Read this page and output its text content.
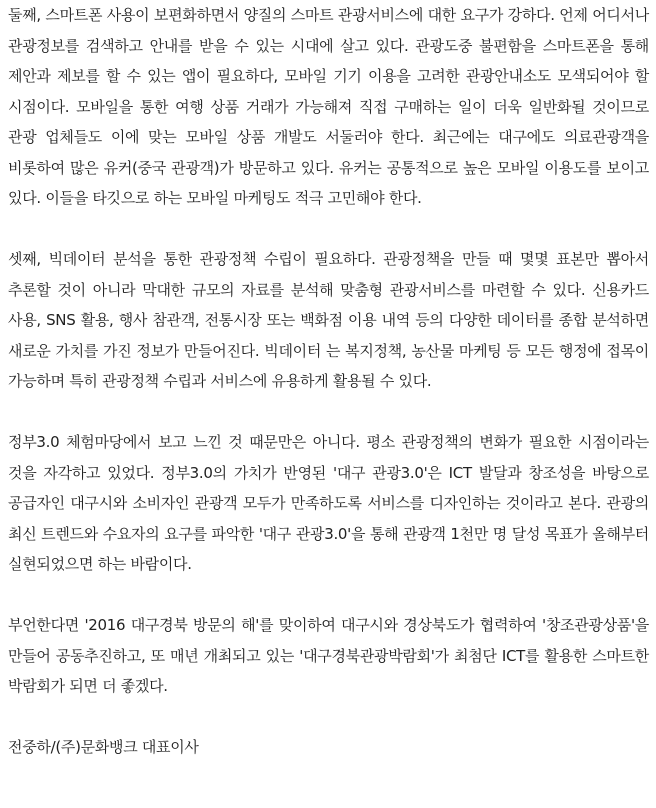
둘째, 스마트폰 사용이 보편화하면서 양질의 스마트 관광서비스에 대한 요구가 강하다. 언제 어디서나 관광정보를 검색하고 안내를 받을 수 있는 시대에 살고 있다. 관광도중 불편함을 스마트폰을 통해 제안과 제보를 할 수 있는 앱이 필요하다, 모바일 기기 이용을 고려한 관광안내소도 모색되어야 할 시점이다. 모바일을 통한 여행 상품 거래가 가능해져 직접 구매하는 일이 더욱 일반화될 것이므로 관광 업체들도 이에 맞는 모바일 상품 개발도 서둘러야 한다. 최근에는 대구에도 의료관광객을 비롯하여 많은 유커(중국 관광객)가 방문하고 있다. 유커는 공통적으로 높은 모바일 이용도를 보이고 있다. 이들을 타깃으로 하는 모바일 마케팅도 적극 고민해야 한다.

셋째, 빅데이터 분석을 통한 관광정책 수립이 필요하다. 관광정책을 만들 때 몇몇 표본만 뽑아서 추론할 것이 아니라 막대한 규모의 자료를 분석해 맞춤형 관광서비스를 마련할 수 있다. 신용카드 사용, SNS 활용, 행사 참관객, 전통시장 또는 백화점 이용 내역 등의 다양한 데이터를 종합 분석하면 새로운 가치를 가진 정보가 만들어진다. 빅데이터 는 복지정책, 농산물 마케팅 등 모든 행정에 접목이 가능하며 특히 관광정책 수립과 서비스에 유용하게 활용될 수 있다.

정부3.0 체험마당에서 보고 느낀 것 때문만은 아니다. 평소 관광정책의 변화가 필요한 시점이라는 것을 자각하고 있었다. 정부3.0의 가치가 반영된 '대구 관광3.0'은 ICT 발달과 창조성을 바탕으로 공급자인 대구시와 소비자인 관광객 모두가 만족하도록 서비스를 디자인하는 것이라고 본다. 관광의 최신 트렌드와 수요자의 요구를 파악한 '대구 관광3.0'을 통해 관광객 1천만 명 달성 목표가 올해부터 실현되었으면 하는 바람이다.

부언한다면 '2016 대구경북 방문의 해'를 맞이하여 대구시와 경상북도가 협력하여 '창조관광상품'을 만들어 공동추진하고, 또 매년 개최되고 있는 '대구경북관광박람회'가 최첨단 ICT를 활용한 스마트한 박람회가 되면 더 좋겠다.

전중하/(주)문화뱅크 대표이사
